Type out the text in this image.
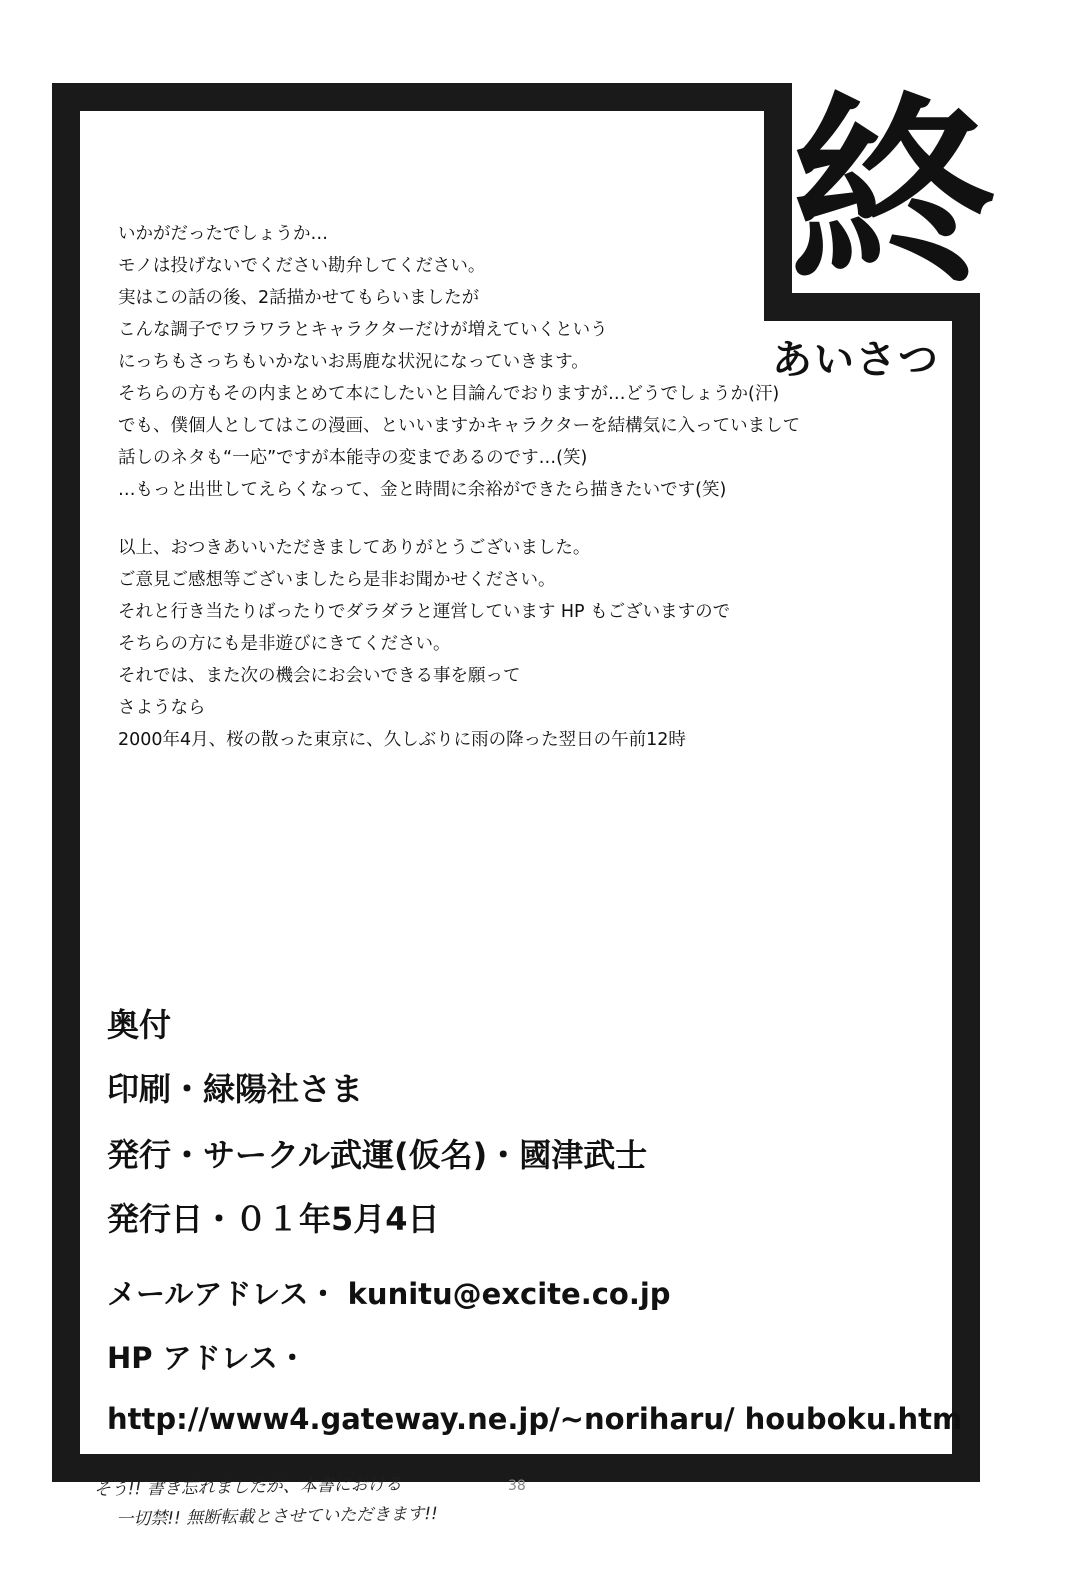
終
あいさつ
いかがだったでしょうか…
モノは投げないでください勘弁してください。
実はこの話の後、2話描かせてもらいましたが
こんな調子でワラワラとキャラクターだけが増えていくという
にっちもさっちもいかないお馬鹿な状況になっていきます。
そちらの方もその内まとめて本にしたいと目論んでおりますが…どうでしょうか(汗)
でも、僕個人としてはこの漫画、といいますかキャラクターを結構気に入っていまして
話しのネタも“一応”ですが本能寺の変まであるのです…(笑)
…もっと出世してえらくなって、金と時間に余裕ができたら描きたいです(笑)
以上、おつきあいいただきましてありがとうございました。
ご意見ご感想等ございましたら是非お聞かせください。
それと行き当たりばったりでダラダラと運営しています HP もございますので
そちらの方にも是非遊びにきてください。
それでは、また次の機会にお会いできる事を願って
さようなら
2000年4月、桜の散った東京に、久しぶりに雨の降った翌日の午前12時
奥付
印刷・緑陽社さま
発行・サークル武運(仮名)・國津武士
発行日・０１年5月4日
メールアドレス・ kunitu@excite.co.jp
HP アドレス・
http://www4.gateway.ne.jp/~noriharu/ houboku.htm
そう!! 書き忘れましたが、本書における
一切禁!! 無断転載とさせていただきます!!
38
